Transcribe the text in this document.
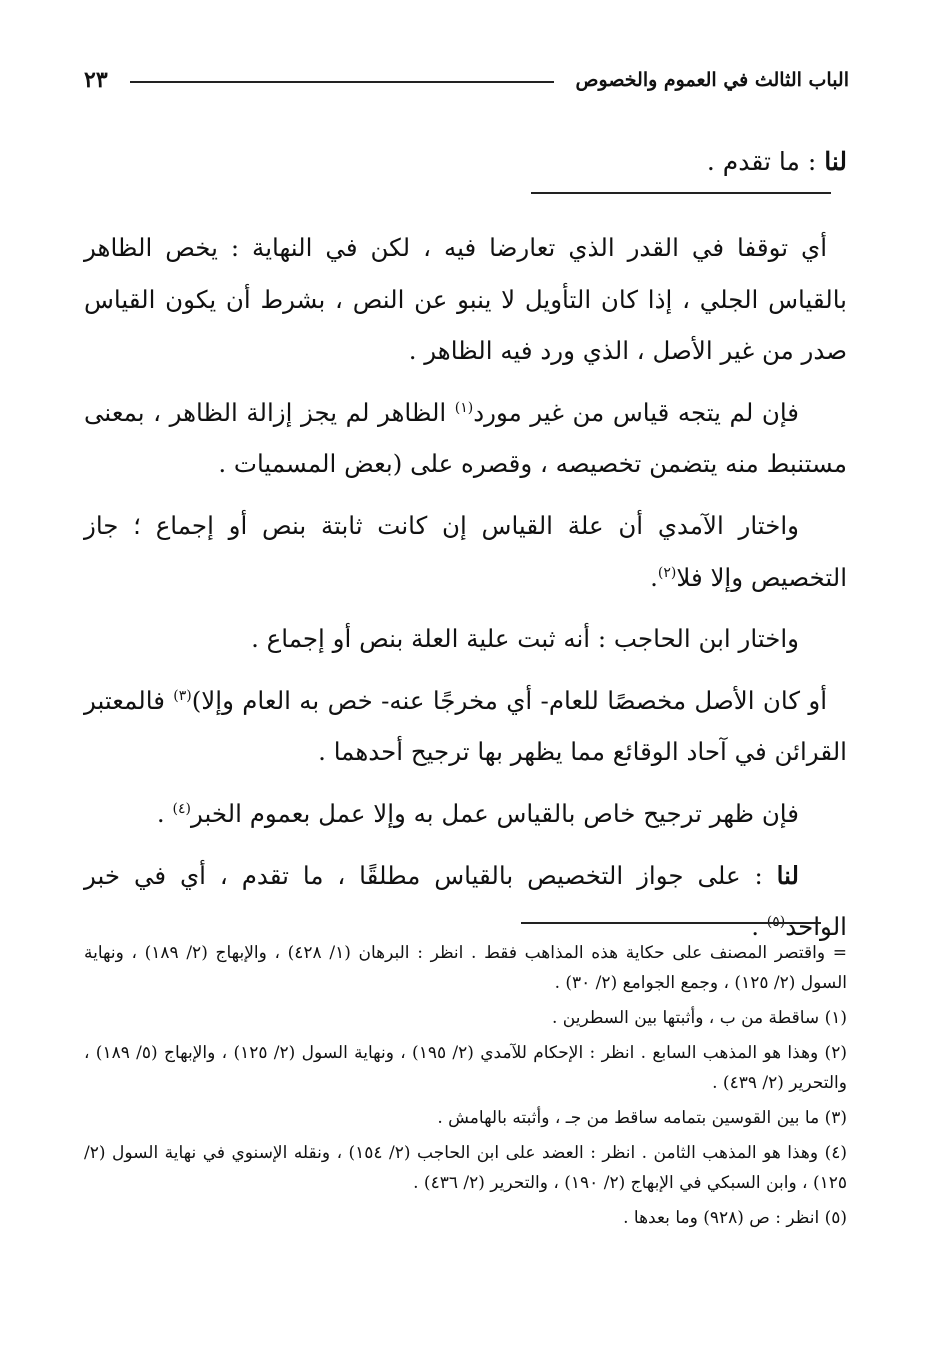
الباب الثالث في العموم والخصوص
٢٣
لنا : ما تقدم .

أي توقفا في القدر الذي تعارضا فيه ، لكن في النهاية : يخص الظاهر بالقياس الجلي ، إذا كان التأويل لا ينبو عن النص ، بشرط أن يكون القياس صدر من غير الأصل ، الذي ورد فيه الظاهر .

فإن لم يتجه قياس من غير مورد$^{(١)}$ الظاهر لم يجز إزالة الظاهر ، بمعنى مستنبط منه يتضمن تخصيصه ، وقصره على (بعض المسميات .

واختار الآمدي أن علة القياس إن كانت ثابتة بنص أو إجماع ؛ جاز التخصيص وإلا فلا$^{(٢)}$.

واختار ابن الحاجب : أنه ثبت علية العلة بنص أو إجماع .

أو كان الأصل مخصصًا للعام- أي مخرجًا عنه- خص به العام وإلا)$^{(٣)}$ فالمعتبر القرائن في آحاد الوقائع مما يظهر بها ترجيح أحدهما .

فإن ظهر ترجيح خاص بالقياس عمل به وإلا عمل بعموم الخبر$^{(٤)}$ .

لنا : على جواز التخصيص بالقياس مطلقًا ، ما تقدم ، أي في خبر الواحد$^{(٥)}$ .

= واقتصر المصنف على حكاية هذه المذاهب فقط . انظر : البرهان (١/ ٤٢٨) ، والإبهاج (٢/ ١٨٩) ، ونهاية السول (٢/ ١٢٥) ، وجمع الجوامع (٢/ ٣٠) .

(١) ساقطة من ب ، وأثبتها بين السطرين .

(٢) وهذا هو المذهب السابع . انظر : الإحكام للآمدي (٢/ ١٩٥) ، ونهاية السول (٢/ ١٢٥) ، والإبهاج (٥/ ١٨٩) ، والتحرير (٢/ ٤٣٩) .

(٣) ما بين القوسين بتمامه ساقط من جـ ، وأثبته بالهامش .

(٤) وهذا هو المذهب الثامن . انظر : العضد على ابن الحاجب (٢/ ١٥٤) ، ونقله الإسنوي في نهاية السول (٢/ ١٢٥) ، وابن السبكي في الإبهاج (٢/ ١٩٠) ، والتحرير (٢/ ٤٣٦) .

(٥) انظر : ص (٩٢٨) وما بعدها .
